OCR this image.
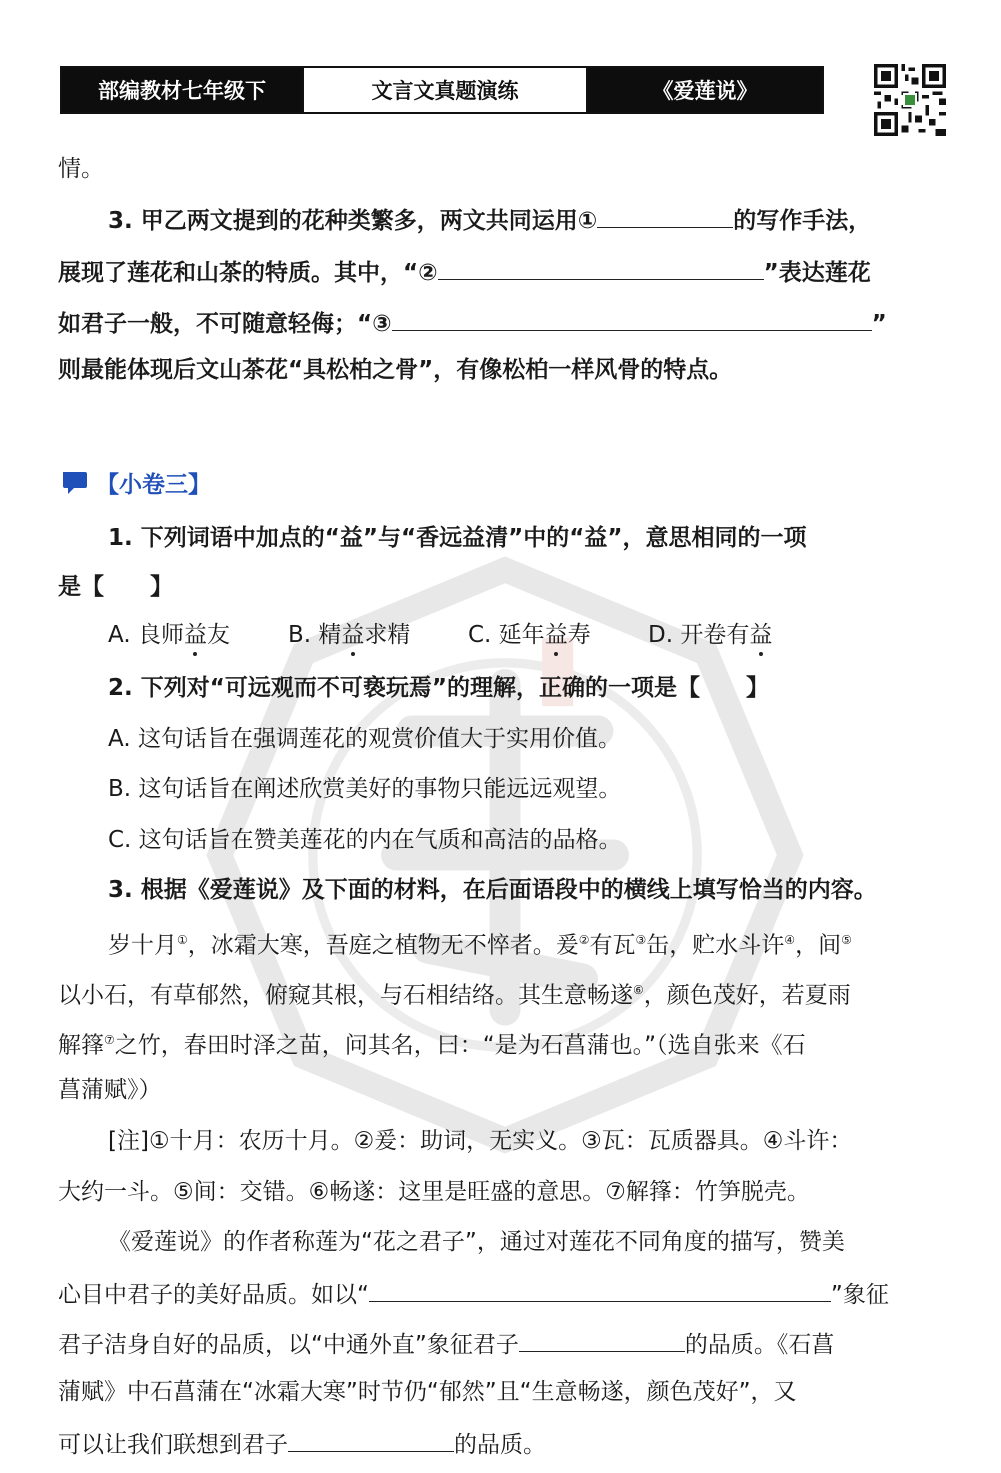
部编教材七年级下	文言文真题演练	《爱莲说》
情。
3. 甲乙两文提到的花种类繁多，两文共同运用①	的写作手法，
展现了莲花和山茶的特质。其中，“②	”表达莲花
如君子一般，不可随意轻侮；“③	”
则最能体现后文山茶花“具松柏之骨”，有像松柏一样风骨的特点。
【小卷三】
1. 下列词语中加点的“益”与“香远益清”中的“益”，意思相同的一项
是【　　】
A. 良师益友	B. 精益求精	C. 延年益寿 D. 开卷有益
2. 下列对“可远观而不可亵玩焉”的理解，正确的一项是【　　】
A. 这句话旨在强调莲花的观赏价值大于实用价值。
B. 这句话旨在阐述欣赏美好的事物只能远远观望。
C. 这句话旨在赞美莲花的内在气质和高洁的品格。
3. 根据《爱莲说》及下面的材料，在后面语段中的横线上填写恰当的内容。
岁十月①，冰霜大寒，吾庭之植物无不悴者。爰②有瓦③缶，贮水斗许④，间⑤
以小石，有草郁然，俯窥其根，与石相结络。其生意畅遂⑥，颜色茂好，若夏雨
解箨⑦之竹，春田时泽之苗，问其名，曰：“是为石菖蒲也。”（选自张来《石
菖蒲赋》）
[注]①十月：农历十月。②爰：助词，无实义。③瓦：瓦质器具。④斗许：
大约一斗。⑤间：交错。⑥畅遂：这里是旺盛的意思。⑦解箨：竹笋脱壳。
《爱莲说》的作者称莲为“花之君子”，通过对莲花不同角度的描写，赞美
心目中君子的美好品质。如以“	”象征
君子洁身自好的品质，以“中通外直”象征君子	的品质。《石菖
蒲赋》中石菖蒲在“冰霜大寒”时节仍“郁然”且“生意畅遂，颜色茂好”，又
可以让我们联想到君子	的品质。
